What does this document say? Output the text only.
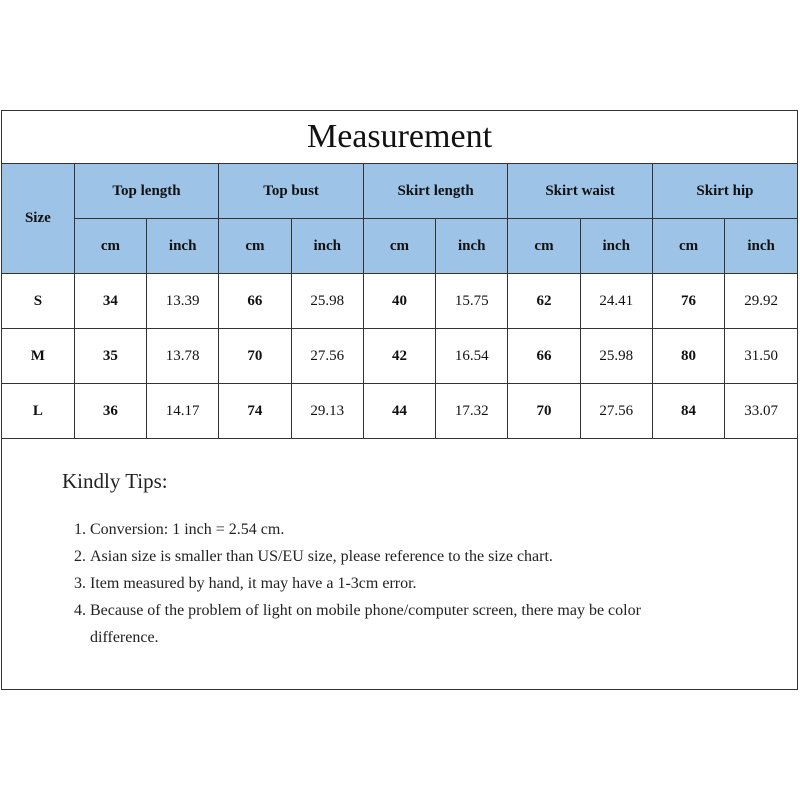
Measurement
Size	Top length		Top bust		Skirt length		Skirt waist		Skirt hip	
	cm	inch	cm	inch	cm	inch	cm	inch	cm	inch
S	34	13.39	66	25.98	40	15.75	62	24.41	76	29.92
M	35	13.78	70	27.56	42	16.54	66	25.98	80	31.50
L	36	14.17	74	29.13	44	17.32	70	27.56	84	33.07
Kindly Tips:
1. Conversion: 1 inch = 2.54 cm.
2. Asian size is smaller than US/EU size, please reference to the size chart.
3. Item measured by hand, it may have a 1-3cm error.
4. Because of the problem of light on mobile phone/computer screen, there may be color difference.
